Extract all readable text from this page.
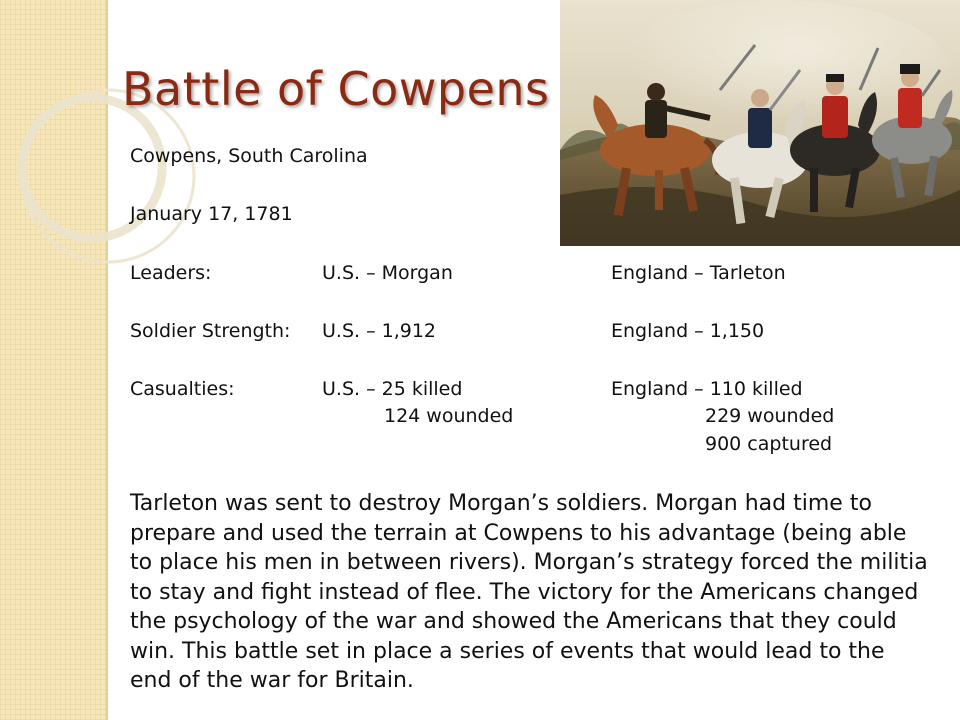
Battle of Cowpens

Cowpens, South Carolina

January 17, 1781

Leaders:	U.S. – Morgan	England – Tarleton

Soldier Strength: U.S. – 1,912	England – 1,150

Casualties:	U.S. – 25 killed	England – 110 killed

124 wounded	229 wounded

900 captured

Tarleton was sent to destroy Morgan’s soldiers. Morgan had time to prepare and used the terrain at Cowpens to his advantage (being able to place his men in between rivers). Morgan’s strategy forced the militia to stay and fight instead of flee. The victory for the Americans changed the psychology of the war and showed the Americans that they could win. This battle set in place a series of events that would lead to the end of the war for Britain.
